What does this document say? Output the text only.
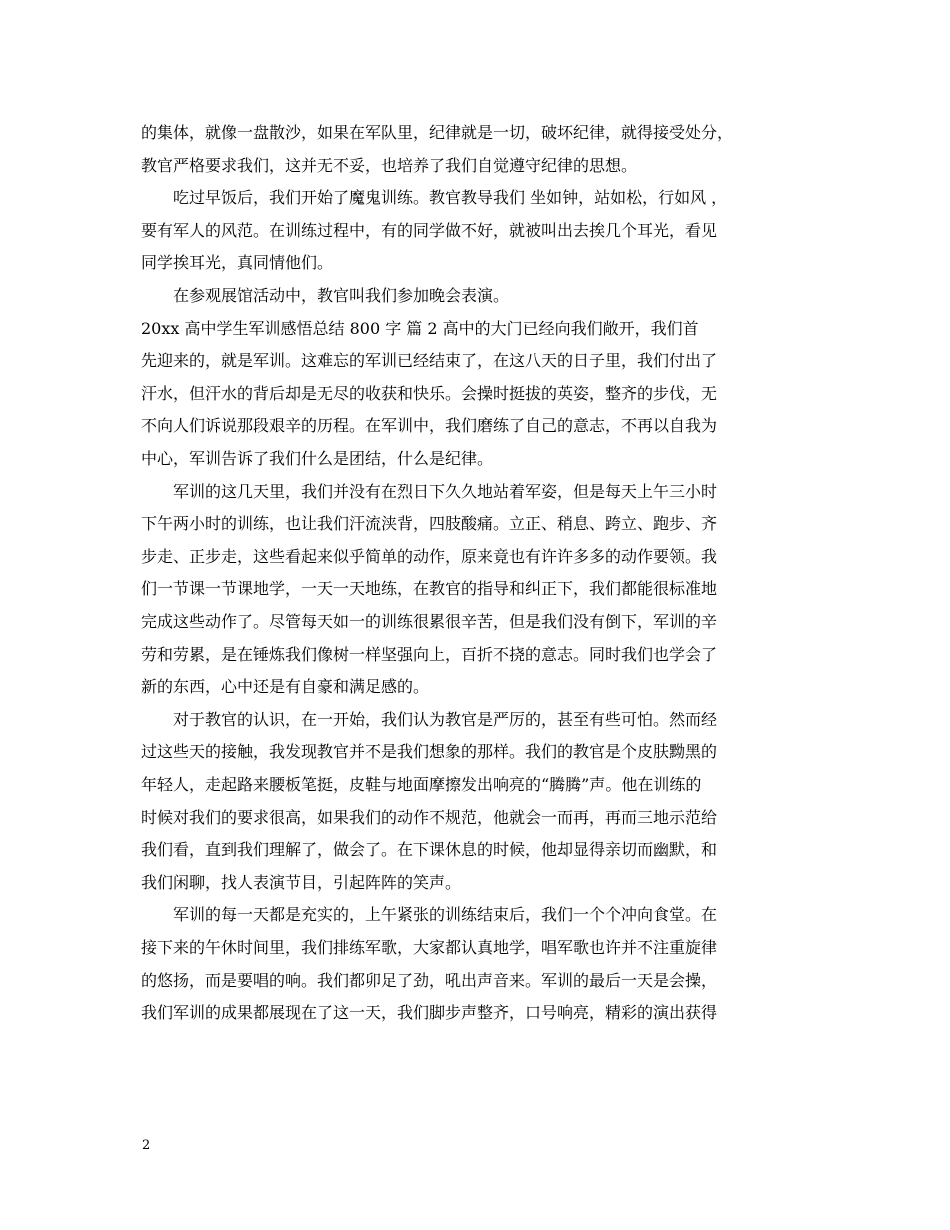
的集体，就像一盘散沙，如果在军队里，纪律就是一切，破坏纪律，就得接受处分，
教官严格要求我们，这并无不妥，也培养了我们自觉遵守纪律的思想。
吃过早饭后，我们开始了魔鬼训练。教官教导我们 坐如钟，站如松，行如风 ，
要有军人的风范。在训练过程中，有的同学做不好，就被叫出去挨几个耳光，看见
同学挨耳光，真同情他们。
在参观展馆活动中，教官叫我们参加晚会表演。
20xx 高中学生军训感悟总结 800 字 篇 2 高中的大门已经向我们敞开，我们首
先迎来的，就是军训。这难忘的军训已经结束了，在这八天的日子里，我们付出了
汗水，但汗水的背后却是无尽的收获和快乐。会操时挺拔的英姿，整齐的步伐，无
不向人们诉说那段艰辛的历程。在军训中，我们磨练了自己的意志，不再以自我为
中心，军训告诉了我们什么是团结，什么是纪律。
军训的这几天里，我们并没有在烈日下久久地站着军姿，但是每天上午三小时
下午两小时的训练，也让我们汗流浃背，四肢酸痛。立正、稍息、跨立、跑步、齐
步走、正步走，这些看起来似乎简单的动作，原来竟也有许许多多的动作要领。我
们一节课一节课地学，一天一天地练，在教官的指导和纠正下，我们都能很标准地
完成这些动作了。尽管每天如一的训练很累很辛苦，但是我们没有倒下，军训的辛
劳和劳累，是在锤炼我们像树一样坚强向上，百折不挠的意志。同时我们也学会了
新的东西，心中还是有自豪和满足感的。
对于教官的认识，在一开始，我们认为教官是严厉的，甚至有些可怕。然而经
过这些天的接触，我发现教官并不是我们想象的那样。我们的教官是个皮肤黝黑的
年轻人，走起路来腰板笔挺，皮鞋与地面摩擦发出响亮的“腾腾”声。他在训练的
时候对我们的要求很高，如果我们的动作不规范，他就会一而再，再而三地示范给
我们看，直到我们理解了，做会了。在下课休息的时候，他却显得亲切而幽默，和
我们闲聊，找人表演节目，引起阵阵的笑声。
军训的每一天都是充实的，上午紧张的训练结束后，我们一个个冲向食堂。在
接下来的午休时间里，我们排练军歌，大家都认真地学，唱军歌也许并不注重旋律
的悠扬，而是要唱的响。我们都卯足了劲，吼出声音来。军训的最后一天是会操，
我们军训的成果都展现在了这一天，我们脚步声整齐，口号响亮，精彩的演出获得
2
